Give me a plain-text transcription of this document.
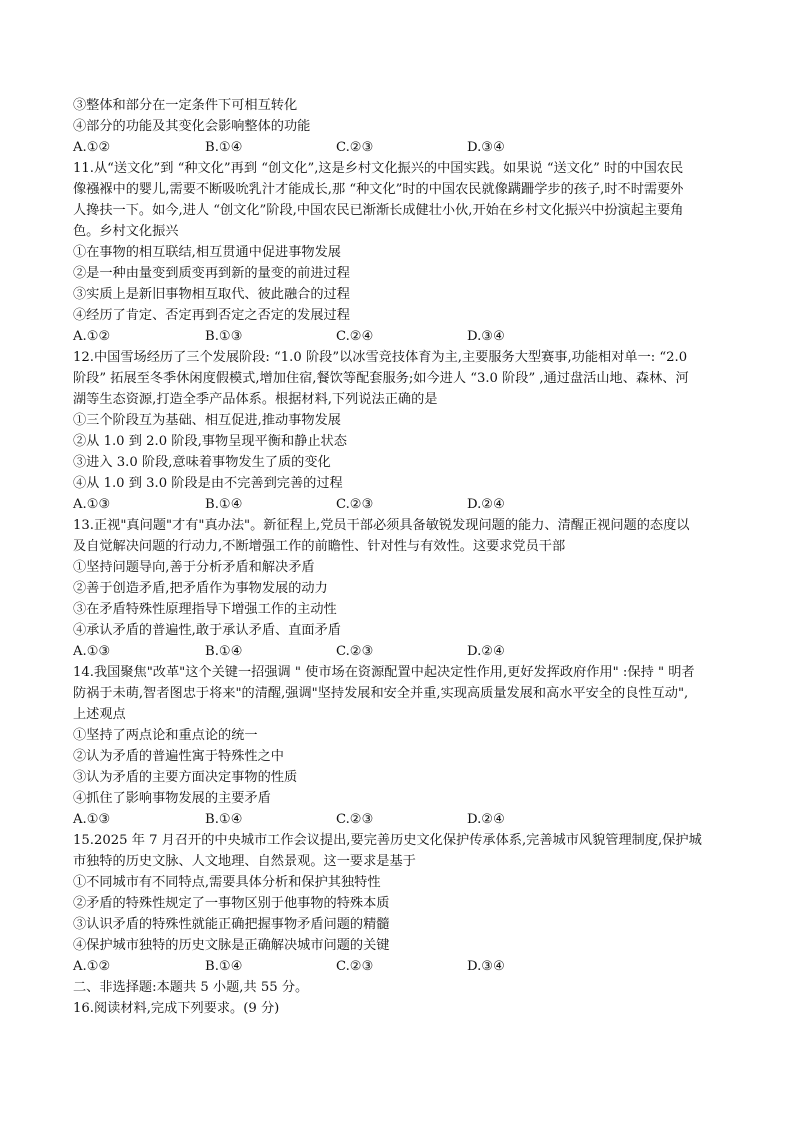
③整体和部分在一定条件下可相互转化
④部分的功能及其变化会影响整体的功能
A.①②	B.①④	C.②③	D.③④
11.从“送文化”到 “种文化”再到 “创文化”,这是乡村文化振兴的中国实践。如果说 “送文化” 时的中国农民
像襁褓中的婴儿,需要不断吸吮乳汁才能成长,那 “种文化”时的中国农民就像蹒跚学步的孩子,时不时需要外
人搀扶一下。如今,进人 “创文化”阶段,中国农民已渐渐长成健壮小伙,开始在乡村文化振兴中扮演起主要角
色。乡村文化振兴
①在事物的相互联结,相互贯通中促进事物发展
②是一种由量变到质变再到新的量变的前进过程
③实质上是新旧事物相互取代、彼此融合的过程
④经历了肯定、否定再到否定之否定的发展过程
A.①②	B.①③	C.②④	D.③④
12.中国雪场经历了三个发展阶段: “1.0 阶段”以冰雪竞技体育为主,主要服务大型赛事,功能相对单一: “2.0
阶段” 拓展至冬季休闲度假模式,增加住宿,餐饮等配套服务;如今进人 “3.0 阶段” ,通过盘活山地、森林、河
湖等生态资源,打造全季产品体系。根据材料,下列说法正确的是
①三个阶段互为基础、相互促进,推动事物发展
②从 1.0 到 2.0 阶段,事物呈现平衡和静止状态
③进入 3.0 阶段,意味着事物发生了质的变化
④从 1.0 到 3.0 阶段是由不完善到完善的过程
A.①③	B.①④	C.②③	D.②④
13.正视"真问题"才有"真办法"。新征程上,党员干部必须具备敏锐发现问题的能力、清醒正视问题的态度以
及自觉解决问题的行动力,不断增强工作的前瞻性、针对性与有效性。这要求党员干部
①坚持问题导向,善于分析矛盾和解决矛盾
②善于创造矛盾,把矛盾作为事物发展的动力
③在矛盾特殊性原理指导下增强工作的主动性
④承认矛盾的普遍性,敢于承认矛盾、直面矛盾
A.①③	B.①④	C.②③	D.②④
14.我国聚焦"改革"这个关键一招强调 " 使市场在资源配置中起决定性作用,更好发挥政府作用" :保持 " 明者
防祸于未萌,智者图忠于将来"的清醒,强调"坚持发展和安全并重,实现高质量发展和高水平安全的良性互动",
上述观点
①坚持了两点论和重点论的统一
②认为矛盾的普遍性寓于特殊性之中
③认为矛盾的主要方面决定事物的性质
④抓住了影响事物发展的主要矛盾
A.①③	B.①④	C.②③	D.②④
15.2025 年 7 月召开的中央城市工作会议提出,要完善历史文化保护传承体系,完善城市风貌管理制度,保护城
市独特的历史文脉、人文地理、自然景观。这一要求是基于
①不同城市有不同特点,需要具体分析和保护其独特性
②矛盾的特殊性规定了一事物区别于他事物的特殊本质
③认识矛盾的特殊性就能正确把握事物矛盾问题的精髓
④保护城市独特的历史文脉是正确解决城市问题的关键
A.①②	B.①④	C.②③	D.③④
二、非选择题:本题共 5 小题,共 55 分。
16.阅读材料,完成下列要求。(9 分)
